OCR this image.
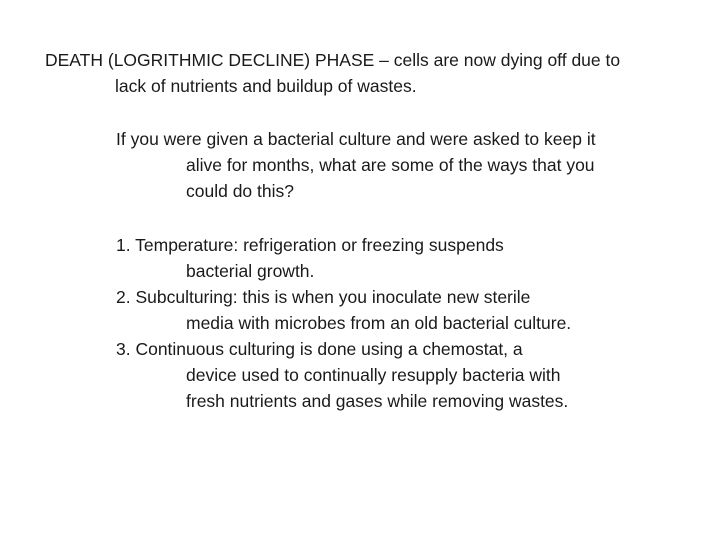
DEATH (LOGRITHMIC DECLINE) PHASE – cells are now dying off due to
lack of nutrients and buildup of wastes.
If you were given a bacterial culture and were asked to keep it
alive for months, what are some of the ways that you
could do this?
1. Temperature: refrigeration or freezing suspends
bacterial growth.
2. Subculturing: this is when you inoculate new sterile
media with microbes from an old bacterial culture.
3. Continuous culturing is done using a chemostat, a
device used to continually resupply bacteria with
fresh nutrients and gases while removing wastes.
